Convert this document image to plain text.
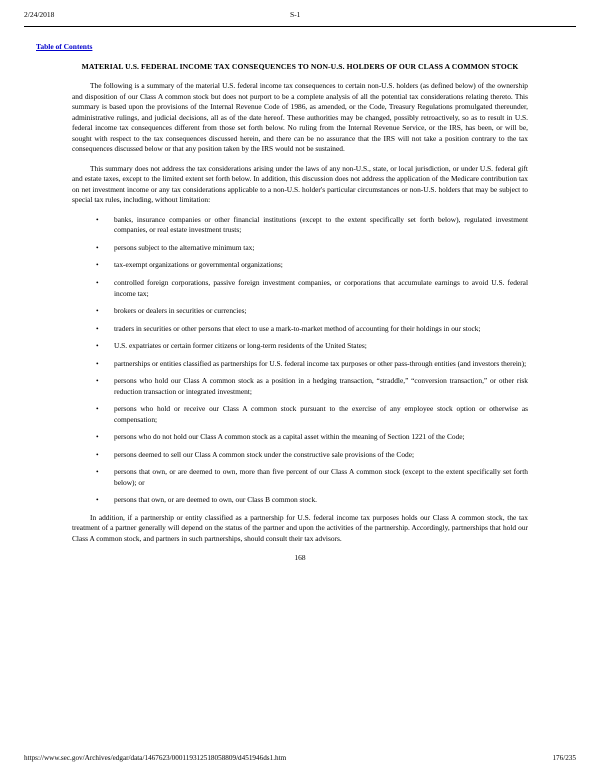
2/24/2018	S-1
Table of Contents
MATERIAL U.S. FEDERAL INCOME TAX CONSEQUENCES TO NON-U.S. HOLDERS OF OUR CLASS A COMMON STOCK

The following is a summary of the material U.S. federal income tax consequences to certain non-U.S. holders (as defined below) of the ownership and disposition of our Class A common stock but does not purport to be a complete analysis of all the potential tax considerations relating thereto. This summary is based upon the provisions of the Internal Revenue Code of 1986, as amended, or the Code, Treasury Regulations promulgated thereunder, administrative rulings, and judicial decisions, all as of the date hereof. These authorities may be changed, possibly retroactively, so as to result in U.S. federal income tax consequences different from those set forth below. No ruling from the Internal Revenue Service, or the IRS, has been, or will be, sought with respect to the tax consequences discussed herein, and there can be no assurance that the IRS will not take a position contrary to the tax consequences discussed below or that any position taken by the IRS would not be sustained.

This summary does not address the tax considerations arising under the laws of any non-U.S., state, or local jurisdiction, or under U.S. federal gift and estate taxes, except to the limited extent set forth below. In addition, this discussion does not address the application of the Medicare contribution tax on net investment income or any tax considerations applicable to a non-U.S. holder's particular circumstances or non-U.S. holders that may be subject to special tax rules, including, without limitation:

• banks, insurance companies or other financial institutions (except to the extent specifically set forth below), regulated investment companies, or real estate investment trusts;
• persons subject to the alternative minimum tax;
• tax-exempt organizations or governmental organizations;
• controlled foreign corporations, passive foreign investment companies, or corporations that accumulate earnings to avoid U.S. federal income tax;
• brokers or dealers in securities or currencies;
• traders in securities or other persons that elect to use a mark-to-market method of accounting for their holdings in our stock;
• U.S. expatriates or certain former citizens or long-term residents of the United States;
• partnerships or entities classified as partnerships for U.S. federal income tax purposes or other pass-through entities (and investors therein);
• persons who hold our Class A common stock as a position in a hedging transaction, “straddle,” “conversion transaction,” or other risk reduction transaction or integrated investment;
• persons who hold or receive our Class A common stock pursuant to the exercise of any employee stock option or otherwise as compensation;
• persons who do not hold our Class A common stock as a capital asset within the meaning of Section 1221 of the Code;
• persons deemed to sell our Class A common stock under the constructive sale provisions of the Code;
• persons that own, or are deemed to own, more than five percent of our Class A common stock (except to the extent specifically set forth below); or
• persons that own, or are deemed to own, our Class B common stock.

In addition, if a partnership or entity classified as a partnership for U.S. federal income tax purposes holds our Class A common stock, the tax treatment of a partner generally will depend on the status of the partner and upon the activities of the partnership. Accordingly, partnerships that hold our Class A common stock, and partners in such partnerships, should consult their tax advisors.

168
https://www.sec.gov/Archives/edgar/data/1467623/000119312518058809/d451946ds1.htm	176/235
